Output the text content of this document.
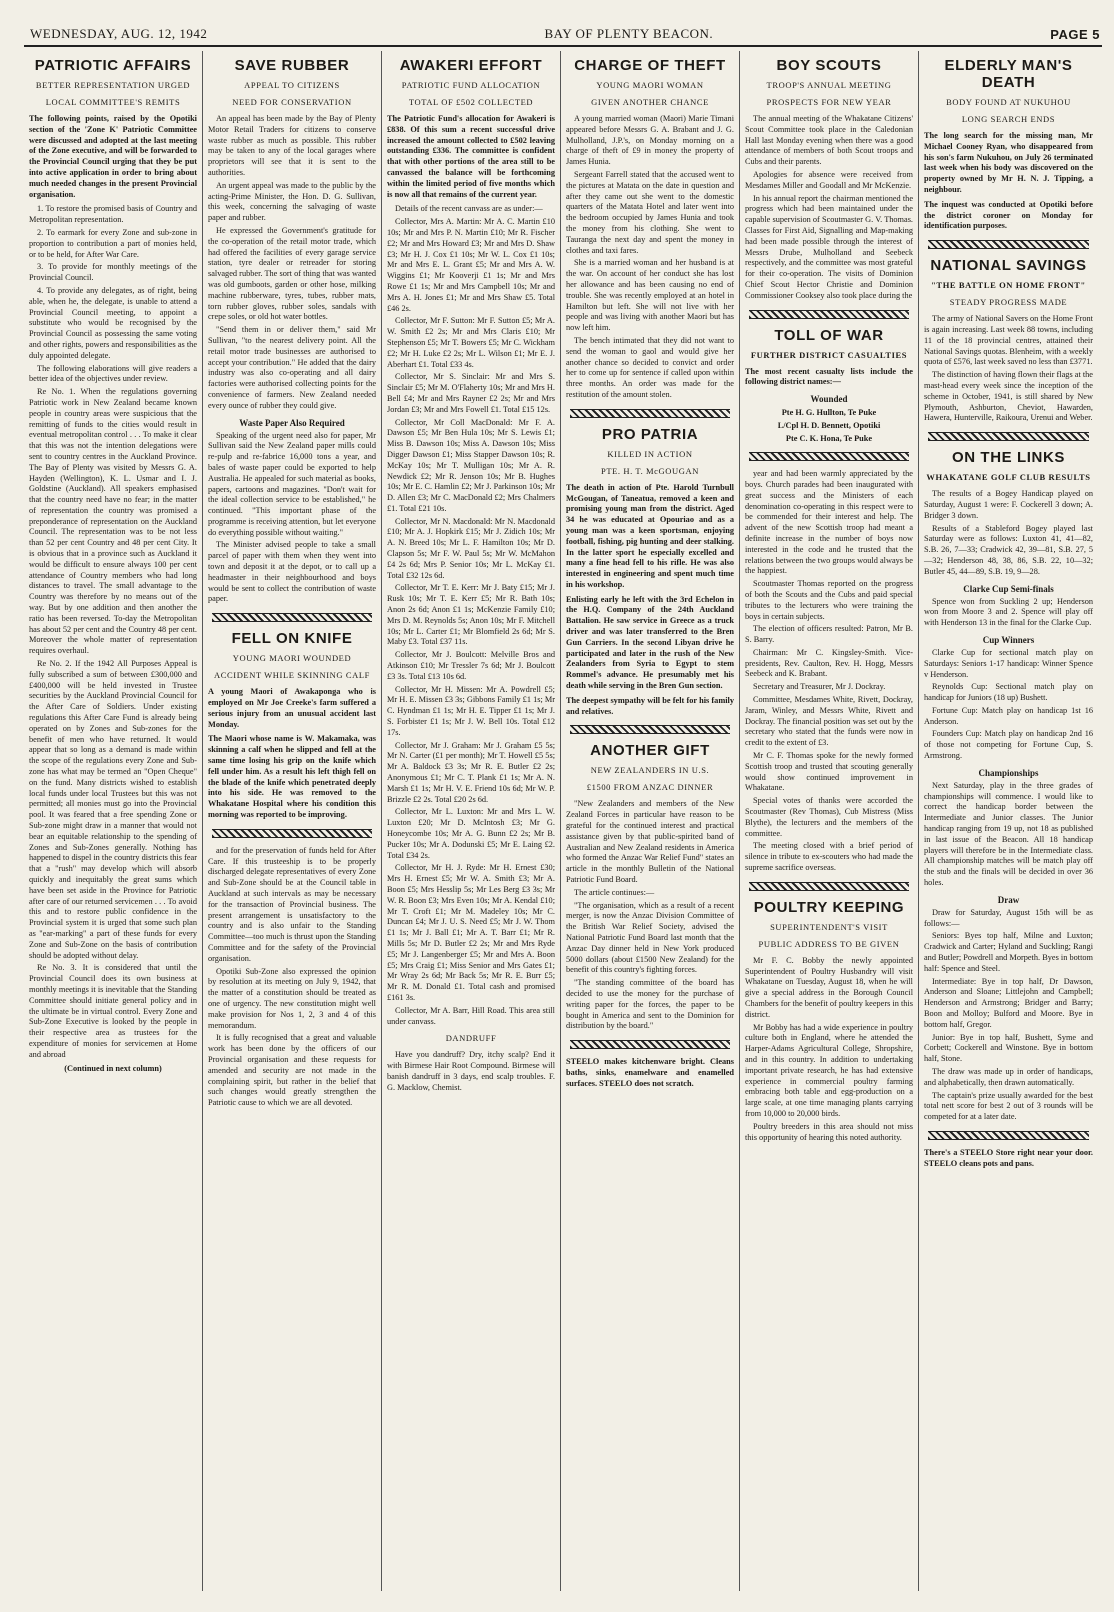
WEDNESDAY, AUG. 12, 1942	BAY OF PLENTY BEACON.	PAGE 5
PATRIOTIC AFFAIRS
BETTER REPRESENTATION URGED
LOCAL COMMITTEE'S REMITS
The following points, raised by the Opotiki section of the 'Zone K' Patriotic Committee were discussed and adopted at the last meeting of the Zone executive, and will be forwarded to the Provincial Council urging that they be put into active application in order to bring about much needed changes in the present Provincial organisation.
1. To restore the promised basis of Country and Metropolitan representation.
2. To earmark for every Zone and sub-zone in proportion to contribution a part of monies held, or to be held, for After War Care.
3. To provide for monthly meetings of the Provincial Council.
4. To provide any delegates, as of right, being able, when he, the delegate, is unable to attend a Provincial Council meeting, to appoint a substitute who would be recognised by the Provincial Council as possessing the same voting and other rights, powers and responsibilities as the duly appointed delegate.
The following elaborations will give readers a better idea of the objectives under review.
Re No. 1. When the regulations governing Patriotic work in New Zealand became known people in country areas were suspicious that the remitting of funds to the cities would result in eventual metropolitan control . . . To make it clear that this was not the intention delegations were sent to country centres in the Auckland Province. The Bay of Plenty was visited by Messrs G. A. Hayden (Wellington), K. L. Usmar and I. J. Goldstine (Auckland). All speakers emphasised that the country need have no fear; in the matter of representation the country was promised a preponderance of representation on the Auckland Council. The representation was to be not less than 52 per cent Country and 48 per cent City. It is obvious that in a province such as Auckland it would be difficult to ensure always 100 per cent attendance of Country members who had long distances to travel. The small advantage to the Country was therefore by no means out of the way. But by one addition and then another the ratio has been reversed. To-day the Metropolitan has about 52 per cent and the Country 48 per cent. Moreover the whole matter of representation requires overhaul.
Re No. 2. If the 1942 All Purposes Appeal is fully subscribed a sum of between £300,000 and £400,000 will be held invested in Trustee securities by the Auckland Provincial Council for the After Care of Soldiers. Under existing regulations this After Care Fund is already being operated on by Zones and Sub-zones for the benefit of men who have returned. It would appear that so long as a demand is made within the scope of the regulations every Zone and Sub-zone has what may be termed an "Open Cheque" on the fund. Many districts wished to establish local funds under local Trustees but this was not permitted; all monies must go into the Provincial pool. It was feared that a free spending Zone or Sub-zone might draw in a manner that would not bear an equitable relationship to the spending of Zones and Sub-Zones generally. Nothing has happened to dispel in the country districts this fear that a "rush" may develop which will absorb quickly and inequitably the great sums which have been set aside in the Province for Patriotic after care of our returned servicemen . . . To avoid this and to restore public confidence in the Provincial system it is urged that some such plan as "ear-marking" a part of these funds for every Zone and Sub-Zone on the basis of contribution should be adopted without delay.
Re No. 3. It is considered that until the Provincial Council does its own business at monthly meetings it is inevitable that the Standing Committee should initiate general policy and in the ultimate be in virtual control. Every Zone and Sub-Zone Executive is looked by the people in their respective area as trustees for the expenditure of monies for servicemen at Home and abroad
(Continued in next column)
SAVE RUBBER
APPEAL TO CITIZENS
NEED FOR CONSERVATION
An appeal has been made by the Bay of Plenty Motor Retail Traders for citizens to conserve waste rubber as much as possible. This rubber may be taken to any of the local garages where proprietors will see that it is sent to the authorities.
An urgent appeal was made to the public by the acting-Prime Minister, the Hon. D. G. Sullivan, this week, concerning the salvaging of waste paper and rubber.
He expressed the Government's gratitude for the co-operation of the retail motor trade, which had offered the facilities of every garage service station, tyre dealer or retreader for storing salvaged rubber. The sort of thing that was wanted was old gumboots, garden or other hose, milking machine rubberware, tyres, tubes, rubber mats, torn rubber gloves, rubber soles, sandals with crepe soles, or old hot water bottles.
"Send them in or deliver them," said Mr Sullivan, "to the nearest delivery point. All the retail motor trade businesses are authorised to accept your contribution." He added that the dairy industry was also co-operating and all dairy factories were authorised collecting points for the convenience of farmers. New Zealand needed every ounce of rubber they could give.
Waste Paper Also Required
Speaking of the urgent need also for paper, Mr Sullivan said the New Zealand paper mills could re-pulp and re-fabrice 16,000 tons a year, and bales of waste paper could be exported to help Australia. He appealed for such material as books, papers, cartoons and magazines. "Don't wait for the ideal collection service to be established," he continued. "This important phase of the programme is receiving attention, but let everyone do everything possible without waiting."
The Minister advised people to take a small parcel of paper with them when they went into town and deposit it at the depot, or to call up a headmaster in their neighbourhood and boys would be sent to collect the contribution of waste paper.
FELL ON KNIFE
YOUNG MAORI WOUNDED
ACCIDENT WHILE SKINNING CALF
A young Maori of Awakaponga who is employed on Mr Joe Creeke's farm suffered a serious injury from an unusual accident last Monday.
The Maori whose name is W. Makamaka, was skinning a calf when he slipped and fell at the same time losing his grip on the knife which fell under him. As a result his left thigh fell on the blade of the knife which penetrated deeply into his side. He was removed to the Whakatane Hospital where his condition this morning was reported to be improving.
and for the preservation of funds held for After Care. If this trusteeship is to be properly discharged delegate representatives of every Zone and Sub-Zone should be at the Council table in Auckland at such intervals as may be necessary for the transaction of Provincial business. The present arrangement is unsatisfactory to the country and is also unfair to the Standing Committee—too much is thrust upon the Standing Committee and for the safety of the Provincial organisation.
Opotiki Sub-Zone also expressed the opinion by resolution at its meeting on July 9, 1942, that the matter of a constitution should be treated as one of urgency. The new constitution might well make provision for Nos 1, 2, 3 and 4 of this memorandum.
It is fully recognised that a great and valuable work has been done by the officers of our Provincial organisation and these requests for amended and security are not made in the complaining spirit, but rather in the belief that such changes would greatly strengthen the Patriotic cause to which we are all devoted.
AWAKERI EFFORT
PATRIOTIC FUND ALLOCATION
TOTAL OF £502 COLLECTED
The Patriotic Fund's allocation for Awakeri is £838. Of this sum a recent successful drive increased the amount collected to £502 leaving outstanding £336. The committee is confident that with other portions of the area still to be canvassed the balance will be forthcoming within the limited period of five months which is now all that remains of the current year.
Details of the recent canvass are as under:—
Collector, Mrs A. Martin: Mr A. C. Martin £10 10s; Mr and Mrs P. N. Martin £10; Mr R. Fischer £2; Mr and Mrs Howard £3; Mr and Mrs D. Shaw £3; Mr H. J. Cox £1 10s; Mr W. L. Cox £1 10s; Mr and Mrs E. L. Grant £5; Mr and Mrs A. W. Wiggins £1; Mr Kooverji £1 1s; Mr and Mrs Rowe £1 1s; Mr and Mrs Campbell 10s; Mr and Mrs A. H. Jones £1; Mr and Mrs Shaw £5. Total £46 2s.
Collector, Mr F. Sutton: Mr F. Sutton £5; Mr A. W. Smith £2 2s; Mr and Mrs Claris £10; Mr Stephenson £5; Mr T. Bowers £5; Mr C. Wickham £2; Mr H. Luke £2 2s; Mr L. Wilson £1; Mr E. J. Aberhart £1. Total £33 4s.
Collector, Mr S. Sinclair: Mr and Mrs S. Sinclair £5; Mr M. O'Flaherty 10s; Mr and Mrs H. Bell £4; Mr and Mrs Rayner £2 2s; Mr and Mrs Jordan £3; Mr and Mrs Fowell £1. Total £15 12s.
Collector, Mr Coll MacDonald: Mr F. A. Dawson £5; Mr Ben Hula 10s; Mr S. Lewis £1; Miss B. Dawson 10s; Miss A. Dawson 10s; Miss Digger Dawson £1; Miss Stapper Dawson 10s; R. McKay 10s; Mr T. Mulligan 10s; Mr A. R. Newdick £2; Mr R. Jenson 10s; Mr B. Hughes 10s; Mr E. C. Hamlin £2; Mr J. Parkinson 10s; Mr D. Allen £3; Mr C. MacDonald £2; Mrs Chalmers £1. Total £21 10s.
Collector, Mr N. Macdonald: Mr N. Macdonald £10; Mr A. J. Hopkirk £15; Mr J. Zidich 10s; Mr A. N. Breed 10s; Mr L. F. Hamilton 10s; Mr D. Clapson 5s; Mr F. W. Paul 5s; Mr W. McMahon £4 2s 6d; Mrs P. Senior 10s; Mr L. McKay £1. Total £32 12s 6d.
Collector, Mr T. E. Kerr: Mr J. Baty £15; Mr J. Rusk 10s; Mr T. E. Kerr £5; Mr R. Bath 10s; Anon 2s 6d; Anon £1 1s; McKenzie Family £10; Mrs D. M. Reynolds 5s; Anon 10s; Mr F. Mitchell 10s; Mr L. Carter £1; Mr Blomfield 2s 6d; Mr S. Maby £3. Total £37 11s.
Collector, Mr J. Boulcott: Melville Bros and Atkinson £10; Mr Tressler 7s 6d; Mr J. Boulcott £3 3s. Total £13 10s 6d.
Collector, Mr H. Missen: Mr A. Powdrell £5; Mr H. E. Missen £3 3s; Gibbons Family £1 1s; Mr C. Hyndman £1 1s; Mr H. E. Tipper £1 1s; Mr J. S. Forbister £1 1s; Mr J. W. Bell 10s. Total £12 17s.
Collector, Mr J. Graham: Mr J. Graham £5 5s; Mr N. Carter (£1 per month); Mr T. Howell £5 5s; Mr A. Baldock £3 3s; Mr R. E. Butler £2 2s; Anonymous £1; Mr C. T. Plank £1 1s; Mr A. N. Marsh £1 1s; Mr H. V. E. Friend 10s 6d; Mr W. P. Brizzle £2 2s. Total £20 2s 6d.
Collector, Mr L. Luxton: Mr and Mrs L. W. Luxton £20; Mr D. McIntosh £3; Mr G. Honeycombe 10s; Mr A. G. Bunn £2 2s; Mr B. Pucker 10s; Mr A. Dodunski £5; Mr E. Laing £2. Total £34 2s.
Collector, Mr H. J. Ryde: Mr H. Ernest £30; Mrs H. Ernest £5; Mr W. A. Smith £3; Mr A. Boon £5; Mrs Hesslip 5s; Mr Les Berg £3 3s; Mr W. R. Boon £3; Mrs Even 10s; Mr A. Kendal £10; Mr T. Croft £1; Mr M. Madeley 10s; Mr C. Duncan £4; Mr J. U. S. Need £5; Mr J. W. Thom £1 1s; Mr J. Ball £1; Mr A. T. Barr £1; Mr R. Mills 5s; Mr D. Butler £2 2s; Mr and Mrs Ryde £5; Mr J. Langenberger £5; Mr and Mrs A. Boon £5; Mrs Craig £1; Miss Senior and Mrs Gates £1; Mr Wray 2s 6d; Mr Back 5s; Mr R. E. Burr £5; Mr R. M. Donald £1. Total cash and promised £161 3s.
Collector, Mr A. Barr, Hill Road. This area still under canvass.
DANDRUFF
Have you dandruff? Dry, itchy scalp? End it with Birmese Hair Root Compound. Birmese will banish dandruff in 3 days, end scalp troubles. F. G. Macklow, Chemist.
CHARGE OF THEFT
YOUNG MAORI WOMAN
GIVEN ANOTHER CHANCE
A young married woman (Maori) Marie Timani appeared before Messrs G. A. Brabant and J. G. Mulholland, J.P.'s, on Monday morning on a charge of theft of £9 in money the property of James Hunia.
Sergeant Farrell stated that the accused went to the pictures at Matata on the date in question and after they came out she went to the domestic quarters of the Matata Hotel and later went into the bedroom occupied by James Hunia and took the money from his clothing. She went to Tauranga the next day and spent the money in clothes and taxi fares.
She is a married woman and her husband is at the war. On account of her conduct she has lost her allowance and has been causing no end of trouble. She was recently employed at an hotel in Hamilton but left. She will not live with her people and was living with another Maori but has now left him.
The bench intimated that they did not want to send the woman to gaol and would give her another chance so decided to convict and order her to come up for sentence if called upon within three months. An order was made for the restitution of the amount stolen.
PRO PATRIA
KILLED IN ACTION
PTE. H. T. McGOUGAN
The death in action of Pte. Harold Turnbull McGougan, of Taneatua, removed a keen and promising young man from the district. Aged 34 he was educated at Opouriao and as a young man was a keen sportsman, enjoying football, fishing, pig hunting and deer stalking. In the latter sport he especially excelled and many a fine head fell to his rifle. He was also interested in engineering and spent much time in his workshop.
Enlisting early he left with the 3rd Echelon in the H.Q. Company of the 24th Auckland Battalion. He saw service in Greece as a truck driver and was later transferred to the Bren Gun Carriers. In the second Libyan drive he participated and later in the rush of the New Zealanders from Syria to Egypt to stem Rommel's advance. He presumably met his death while serving in the Bren Gun section.
The deepest sympathy will be felt for his family and relatives.
ANOTHER GIFT
NEW ZEALANDERS IN U.S.
£1500 FROM ANZAC DINNER
"New Zealanders and members of the New Zealand Forces in particular have reason to be grateful for the continued interest and practical assistance given by that public-spirited band of Australian and New Zealand residents in America who formed the Anzac War Relief Fund" states an article in the monthly Bulletin of the National Patriotic Fund Board.
The article continues:—
"The organisation, which as a result of a recent merger, is now the Anzac Division Committee of the British War Relief Society, advised the National Patriotic Fund Board last month that the Anzac Day dinner held in New York produced 5000 dollars (about £1500 New Zealand) for the benefit of this country's fighting forces.
"The standing committee of the board has decided to use the money for the purchase of writing paper for the forces, the paper to be bought in America and sent to the Dominion for distribution by the board."
STEELO makes kitchenware bright. Cleans baths, sinks, enamelware and enamelled surfaces. STEELO does not scratch.
BOY SCOUTS
TROOP'S ANNUAL MEETING
PROSPECTS FOR NEW YEAR
The annual meeting of the Whakatane Citizens' Scout Committee took place in the Caledonian Hall last Monday evening when there was a good attendance of members of both Scout troops and Cubs and their parents.
Apologies for absence were received from Mesdames Miller and Goodall and Mr McKenzie.
In his annual report the chairman mentioned the progress which had been maintained under the capable supervision of Scoutmaster G. V. Thomas. Classes for First Aid, Signalling and Map-making had been made possible through the interest of Messrs Drube, Mulholland and Seebeck respectively, and the committee was most grateful for their co-operation. The visits of Dominion Chief Scout Hector Christie and Dominion Commissioner Cooksey also took place during the
TOLL OF WAR
FURTHER DISTRICT CASUALTIES
The most recent casualty lists include the following district names:—
Wounded
Pte H. G. Hullton, Te Puke
L/Cpl H. D. Bennett, Opotiki
Pte C. K. Hona, Te Puke
year and had been warmly appreciated by the boys. Church parades had been inaugurated with great success and the Ministers of each denomination co-operating in this respect were to be commended for their interest and help. The advent of the new Scottish troop had meant a definite increase in the number of boys now interested in the code and he trusted that the relations between the two groups would always be the happiest.
Scoutmaster Thomas reported on the progress of both the Scouts and the Cubs and paid special tributes to the lecturers who were training the boys in certain subjects.
The election of officers resulted: Patron, Mr B. S. Barry.
Chairman: Mr C. Kingsley-Smith. Vice-presidents, Rev. Caulton, Rev. H. Hogg, Messrs Seebeck and K. Brabant.
Secretary and Treasurer, Mr J. Dockray.
Committee, Mesdames White, Rivett, Dockray, Jaram, Winley, and Messrs White, Rivett and Dockray. The financial position was set out by the secretary who stated that the funds were now in credit to the extent of £3.
Mr C. F. Thomas spoke for the newly formed Scottish troop and trusted that scouting generally would show continued improvement in Whakatane.
Special votes of thanks were accorded the Scoutmaster (Rev Thomas), Cub Mistress (Miss Blythe), the lecturers and the members of the committee.
The meeting closed with a brief period of silence in tribute to ex-scouters who had made the supreme sacrifice overseas.
POULTRY KEEPING
SUPERINTENDENT'S VISIT
PUBLIC ADDRESS TO BE GIVEN
Mr F. C. Bobby the newly appointed Superintendent of Poultry Husbandry will visit Whakatane on Tuesday, August 18, when he will give a special address in the Borough Council Chambers for the benefit of poultry keepers in this district.
Mr Bobby has had a wide experience in poultry culture both in England, where he attended the Harper-Adams Agricultural College, Shropshire, and in this country. In addition to undertaking important private research, he has had extensive experience in commercial poultry farming embracing both table and egg-production on a large scale, at one time managing plants carrying from 10,000 to 20,000 birds.
Poultry breeders in this area should not miss this opportunity of hearing this noted authority.
ELDERLY MAN'S DEATH
BODY FOUND AT NUKUHOU
LONG SEARCH ENDS
The long search for the missing man, Mr Michael Cooney Ryan, who disappeared from his son's farm Nukuhou, on July 26 terminated last week when his body was discovered on the property owned by Mr H. N. J. Tipping, a neighbour.
The inquest was conducted at Opotiki before the district coroner on Monday for identification purposes.
NATIONAL SAVINGS
"THE BATTLE ON HOME FRONT"
STEADY PROGRESS MADE
The army of National Savers on the Home Front is again increasing. Last week 88 towns, including 11 of the 18 provincial centres, attained their National Savings quotas. Blenheim, with a weekly quota of £576, last week saved no less than £3771.
The distinction of having flown their flags at the mast-head every week since the inception of the scheme in October, 1941, is still shared by New Plymouth, Ashburton, Cheviot, Hawarden, Hawera, Hunterville, Raikoura, Urenui and Weber.
ON THE LINKS
WHAKATANE GOLF CLUB RESULTS
The results of a Bogey Handicap played on Saturday, August 1 were: F. Cockerell 3 down; A. Bridger 3 down.
Results of a Stableford Bogey played last Saturday were as follows: Luxton 41, 41—82, S.B. 26, 7—33; Cradwick 42, 39—81, S.B. 27, 5—32; Henderson 48, 38, 86, S.B. 22, 10—32; Butler 45, 44—89, S.B. 19, 9—28.
Clarke Cup Semi-finals
Spence won from Suckling 2 up; Henderson won from Moore 3 and 2. Spence will play off with Henderson 13 in the final for the Clarke Cup.
Cup Winners
Clarke Cup for sectional match play on Saturdays: Seniors 1-17 handicap: Winner Spence v Henderson.
Reynolds Cup: Sectional match play on handicap for Juniors (18 up) Bushett.
Fortune Cup: Match play on handicap 1st 16 Anderson.
Founders Cup: Match play on handicap 2nd 16 of those not competing for Fortune Cup, S. Armstrong.
Championships
Next Saturday, play in the three grades of championships will commence. I would like to correct the handicap border between the Intermediate and Junior classes. The Junior handicap ranging from 19 up, not 18 as published in last issue of the Beacon. All 18 handicap players will therefore be in the Intermediate class. All championship matches will be match play off the stub and the finals will be decided in over 36 holes.
Draw
Draw for Saturday, August 15th will be as follows:—
Seniors: Byes top half, Milne and Luxton; Cradwick and Carter; Hyland and Suckling; Rangi and Butler; Powdrell and Morpeth. Byes in bottom half: Spence and Steel.
Intermediate: Bye in top half, Dr Dawson, Anderson and Sloane; Littlejohn and Campbell; Henderson and Armstrong; Bridger and Barry; Boon and Molloy; Bulford and Moore. Bye in bottom half, Gregor.
Junior: Bye in top half, Bushett, Syme and Corbett; Cockerell and Winstone. Bye in bottom half, Stone.
The draw was made up in order of handicaps, and alphabetically, then drawn automatically.
The captain's prize usually awarded for the best total nett score for best 2 out of 3 rounds will be competed for at a later date.
There's a STEELO Store right near your door. STEELO cleans pots and pans.
